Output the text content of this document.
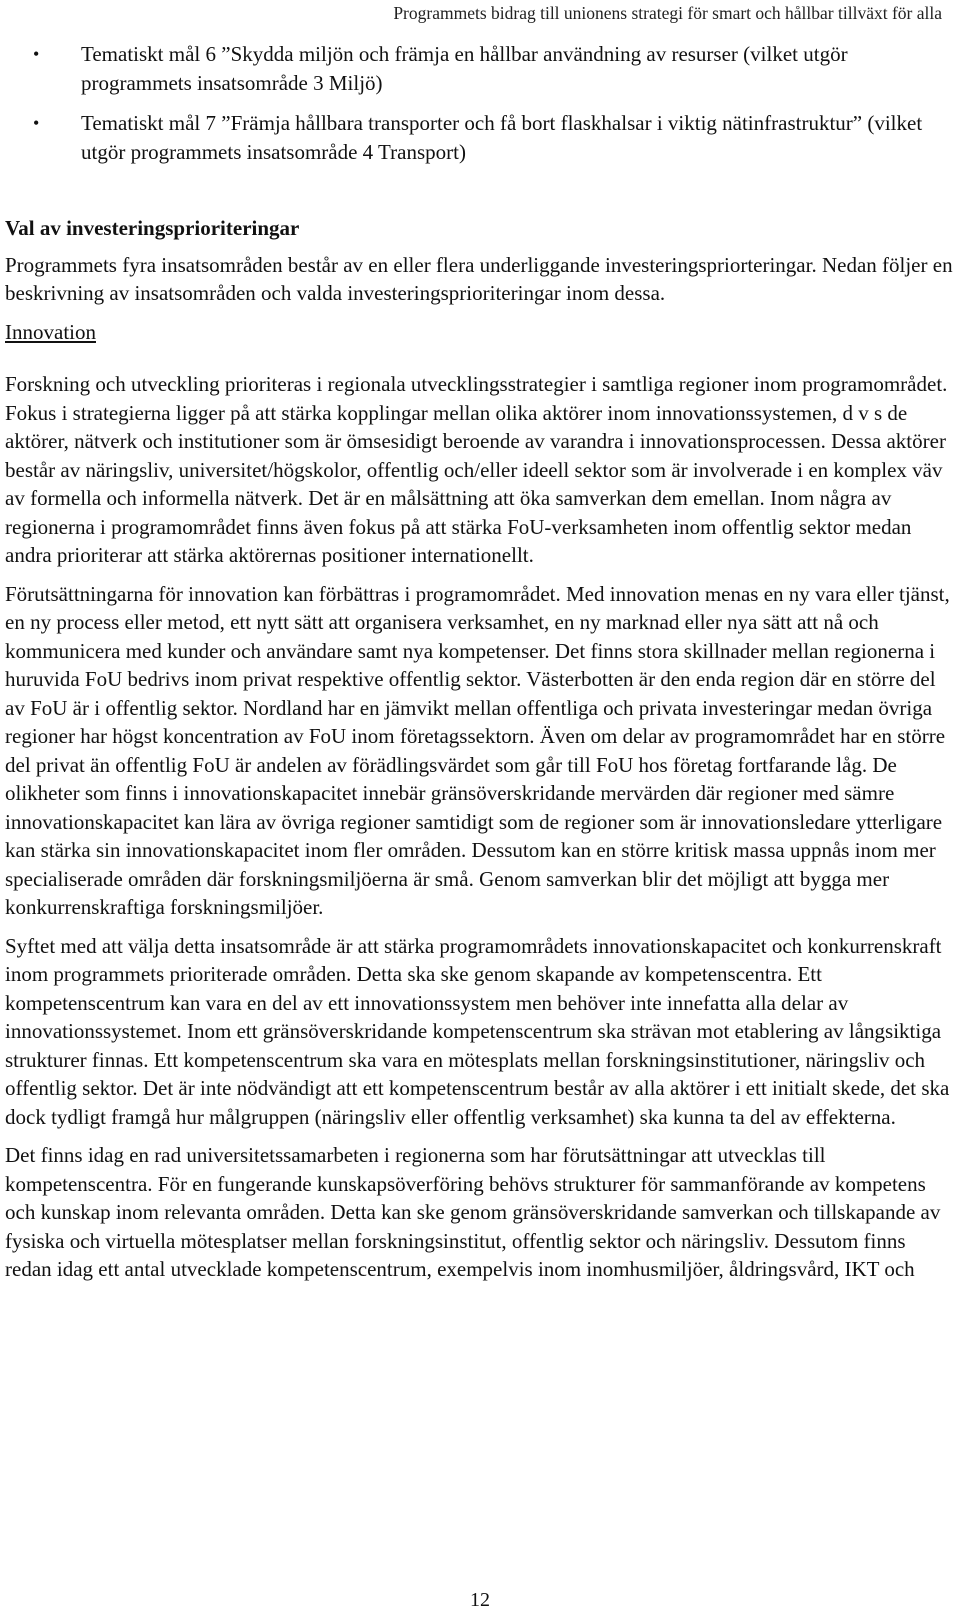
Programmets bidrag till unionens strategi för smart och hållbar tillväxt för alla
• Tematiskt mål 6 ”Skydda miljön och främja en hållbar användning av resurser (vilket utgör programmets insatsområde 3 Miljö)
• Tematiskt mål 7 ”Främja hållbara transporter och få bort flaskhalsar i viktig nätinfrastruktur” (vilket utgör programmets insatsområde 4 Transport)
Val av investeringsprioriteringar

Programmets fyra insatsområden består av en eller flera underliggande investeringspriorteringar. Nedan följer en beskrivning av insatsområden och valda investeringsprioriteringar inom dessa.

Innovation

Forskning och utveckling prioriteras i regionala utvecklingsstrategier i samtliga regioner inom programområdet. Fokus i strategierna ligger på att stärka kopplingar mellan olika aktörer inom innovationssystemen, d v s de aktörer, nätverk och institutioner som är ömsesidigt beroende av varandra i innovationsprocessen. Dessa aktörer består av näringsliv, universitet/högskolor, offentlig och/eller ideell sektor som är involverade i en komplex väv av formella och informella nätverk. Det är en målsättning att öka samverkan dem emellan. Inom några av regionerna i programområdet finns även fokus på att stärka FoU-verksamheten inom offentlig sektor medan andra prioriterar att stärka aktörernas positioner internationellt.

Förutsättningarna för innovation kan förbättras i programområdet. Med innovation menas en ny vara eller tjänst, en ny process eller metod, ett nytt sätt att organisera verksamhet, en ny marknad eller nya sätt att nå och kommunicera med kunder och användare samt nya kompetenser. Det finns stora skillnader mellan regionerna i huruvida FoU bedrivs inom privat respektive offentlig sektor. Västerbotten är den enda region där en större del av FoU är i offentlig sektor. Nordland har en jämvikt mellan offentliga och privata investeringar medan övriga regioner har högst koncentration av FoU inom företagssektorn. Även om delar av programområdet har en större del privat än offentlig FoU är andelen av förädlingsvärdet som går till FoU hos företag fortfarande låg. De olikheter som finns i innovationskapacitet innebär gränsöverskridande mervärden där regioner med sämre innovationskapacitet kan lära av övriga regioner samtidigt som de regioner som är innovationsledare ytterligare kan stärka sin innovationskapacitet inom fler områden. Dessutom kan en större kritisk massa uppnås inom mer specialiserade områden där forskningsmiljöerna är små. Genom samverkan blir det möjligt att bygga mer konkurrenskraftiga forskningsmiljöer.

Syftet med att välja detta insatsområde är att stärka programområdets innovationskapacitet och konkurrenskraft inom programmets prioriterade områden. Detta ska ske genom skapande av kompetenscentra. Ett kompetenscentrum kan vara en del av ett innovationssystem men behöver inte innefatta alla delar av innovationssystemet. Inom ett gränsöverskridande kompetenscentrum ska strävan mot etablering av långsiktiga strukturer finnas. Ett kompetenscentrum ska vara en mötesplats mellan forskningsinstitutioner, näringsliv och offentlig sektor. Det är inte nödvändigt att ett kompetenscentrum består av alla aktörer i ett initialt skede, det ska dock tydligt framgå hur målgruppen (näringsliv eller offentlig verksamhet) ska kunna ta del av effekterna.

Det finns idag en rad universitetssamarbeten i regionerna som har förutsättningar att utvecklas till kompetenscentra. För en fungerande kunskapsöverföring behövs strukturer för sammanförande av kompetens och kunskap inom relevanta områden. Detta kan ske genom gränsöverskridande samverkan och tillskapande av fysiska och virtuella mötesplatser mellan forskningsinstitut, offentlig sektor och näringsliv. Dessutom finns redan idag ett antal utvecklade kompetenscentrum, exempelvis inom inomhusmiljöer, åldringsvård, IKT och

12
